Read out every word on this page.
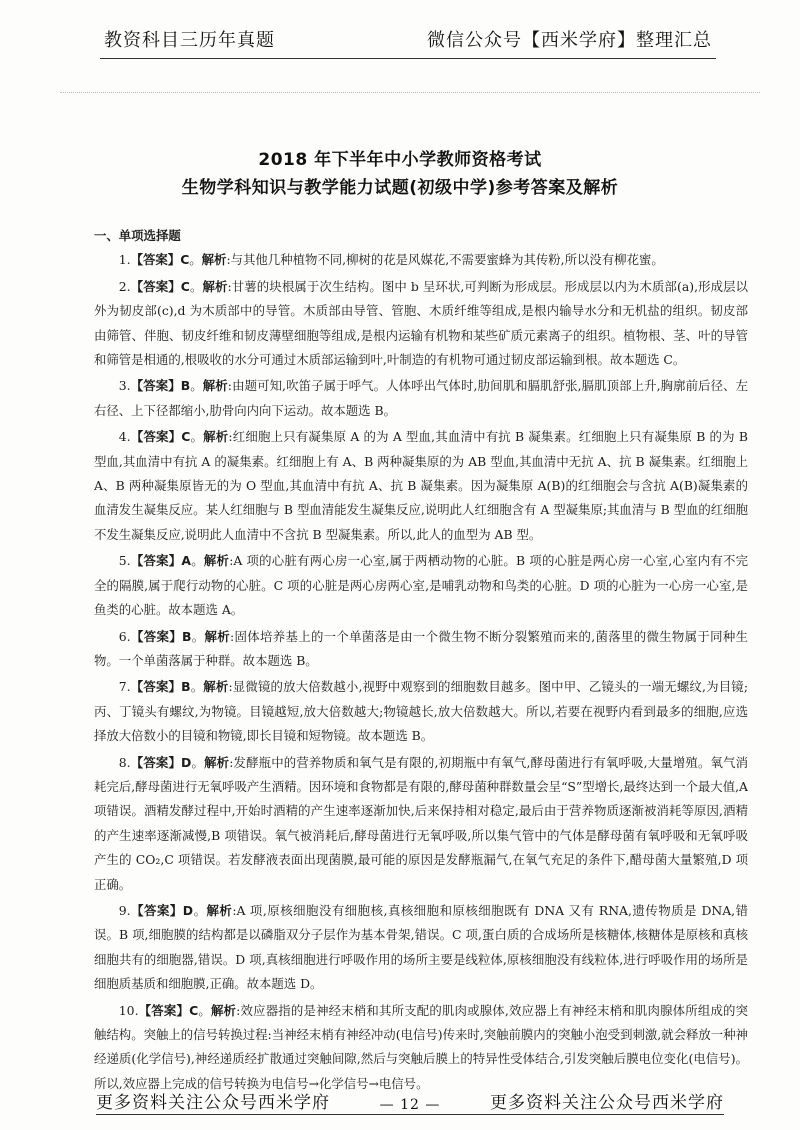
教资科目三历年真题	微信公众号【西米学府】整理汇总
2018 年下半年中小学教师资格考试
生物学科知识与教学能力试题(初级中学)参考答案及解析
一、单项选择题

1.【答案】C。解析:与其他几种植物不同,柳树的花是风媒花,不需要蜜蜂为其传粉,所以没有柳花蜜。

2.【答案】C。解析:甘薯的块根属于次生结构。图中 b 呈环状,可判断为形成层。形成层以内为木质部(a),形成层以外为韧皮部(c),d 为木质部中的导管。木质部由导管、管胞、木质纤维等组成,是根内输导水分和无机盐的组织。韧皮部由筛管、伴胞、韧皮纤维和韧皮薄壁细胞等组成,是根内运输有机物和某些矿质元素离子的组织。植物根、茎、叶的导管和筛管是相通的,根吸收的水分可通过木质部运输到叶,叶制造的有机物可通过韧皮部运输到根。故本题选 C。

3.【答案】B。解析:由题可知,吹笛子属于呼气。人体呼出气体时,肋间肌和膈肌舒张,膈肌顶部上升,胸廓前后径、左右径、上下径都缩小,肋骨向内向下运动。故本题选 B。

4.【答案】C。解析:红细胞上只有凝集原 A 的为 A 型血,其血清中有抗 B 凝集素。红细胞上只有凝集原 B 的为 B 型血,其血清中有抗 A 的凝集素。红细胞上有 A、B 两种凝集原的为 AB 型血,其血清中无抗 A、抗 B 凝集素。红细胞上 A、B 两种凝集原皆无的为 O 型血,其血清中有抗 A、抗 B 凝集素。因为凝集原 A(B)的红细胞会与含抗 A(B)凝集素的血清发生凝集反应。某人红细胞与 B 型血清能发生凝集反应,说明此人红细胞含有 A 型凝集原;其血清与 B 型血的红细胞不发生凝集反应,说明此人血清中不含抗 B 型凝集素。所以,此人的血型为 AB 型。

5.【答案】A。解析:A 项的心脏有两心房一心室,属于两栖动物的心脏。B 项的心脏是两心房一心室,心室内有不完全的隔膜,属于爬行动物的心脏。C 项的心脏是两心房两心室,是哺乳动物和鸟类的心脏。D 项的心脏为一心房一心室,是鱼类的心脏。故本题选 A。

6.【答案】B。解析:固体培养基上的一个单菌落是由一个微生物不断分裂繁殖而来的,菌落里的微生物属于同种生物。一个单菌落属于种群。故本题选 B。

7.【答案】B。解析:显微镜的放大倍数越小,视野中观察到的细胞数目越多。图中甲、乙镜头的一端无螺纹,为目镜;丙、丁镜头有螺纹,为物镜。目镜越短,放大倍数越大;物镜越长,放大倍数越大。所以,若要在视野内看到最多的细胞,应选择放大倍数小的目镜和物镜,即长目镜和短物镜。故本题选 B。

8.【答案】D。解析:发酵瓶中的营养物质和氧气是有限的,初期瓶中有氧气,酵母菌进行有氧呼吸,大量增殖。氧气消耗完后,酵母菌进行无氧呼吸产生酒精。因环境和食物都是有限的,酵母菌种群数量会呈“S”型增长,最终达到一个最大值,A 项错误。酒精发酵过程中,开始时酒精的产生速率逐渐加快,后来保持相对稳定,最后由于营养物质逐渐被消耗等原因,酒精的产生速率逐渐减慢,B 项错误。氧气被消耗后,酵母菌进行无氧呼吸,所以集气管中的气体是酵母菌有氧呼吸和无氧呼吸产生的 CO₂,C 项错误。若发酵液表面出现菌膜,最可能的原因是发酵瓶漏气,在氧气充足的条件下,醋母菌大量繁殖,D 项正确。

9.【答案】D。解析:A 项,原核细胞没有细胞核,真核细胞和原核细胞既有 DNA 又有 RNA,遗传物质是 DNA,错误。B 项,细胞膜的结构都是以磷脂双分子层作为基本骨架,错误。C 项,蛋白质的合成场所是核糖体,核糖体是原核和真核细胞共有的细胞器,错误。D 项,真核细胞进行呼吸作用的场所主要是线粒体,原核细胞没有线粒体,进行呼吸作用的场所是细胞质基质和细胞膜,正确。故本题选 D。

10.【答案】C。解析:效应器指的是神经末梢和其所支配的肌肉或腺体,效应器上有神经末梢和肌肉腺体所组成的突触结构。突触上的信号转换过程:当神经末梢有神经冲动(电信号)传来时,突触前膜内的突触小泡受到刺激,就会释放一种神经递质(化学信号),神经递质经扩散通过突触间隙,然后与突触后膜上的特异性受体结合,引发突触后膜电位变化(电信号)。所以,效应器上完成的信号转换为电信号→化学信号→电信号。

更多资料关注公众号西米学府	— 12 —	更多资料关注公众号西米学府
